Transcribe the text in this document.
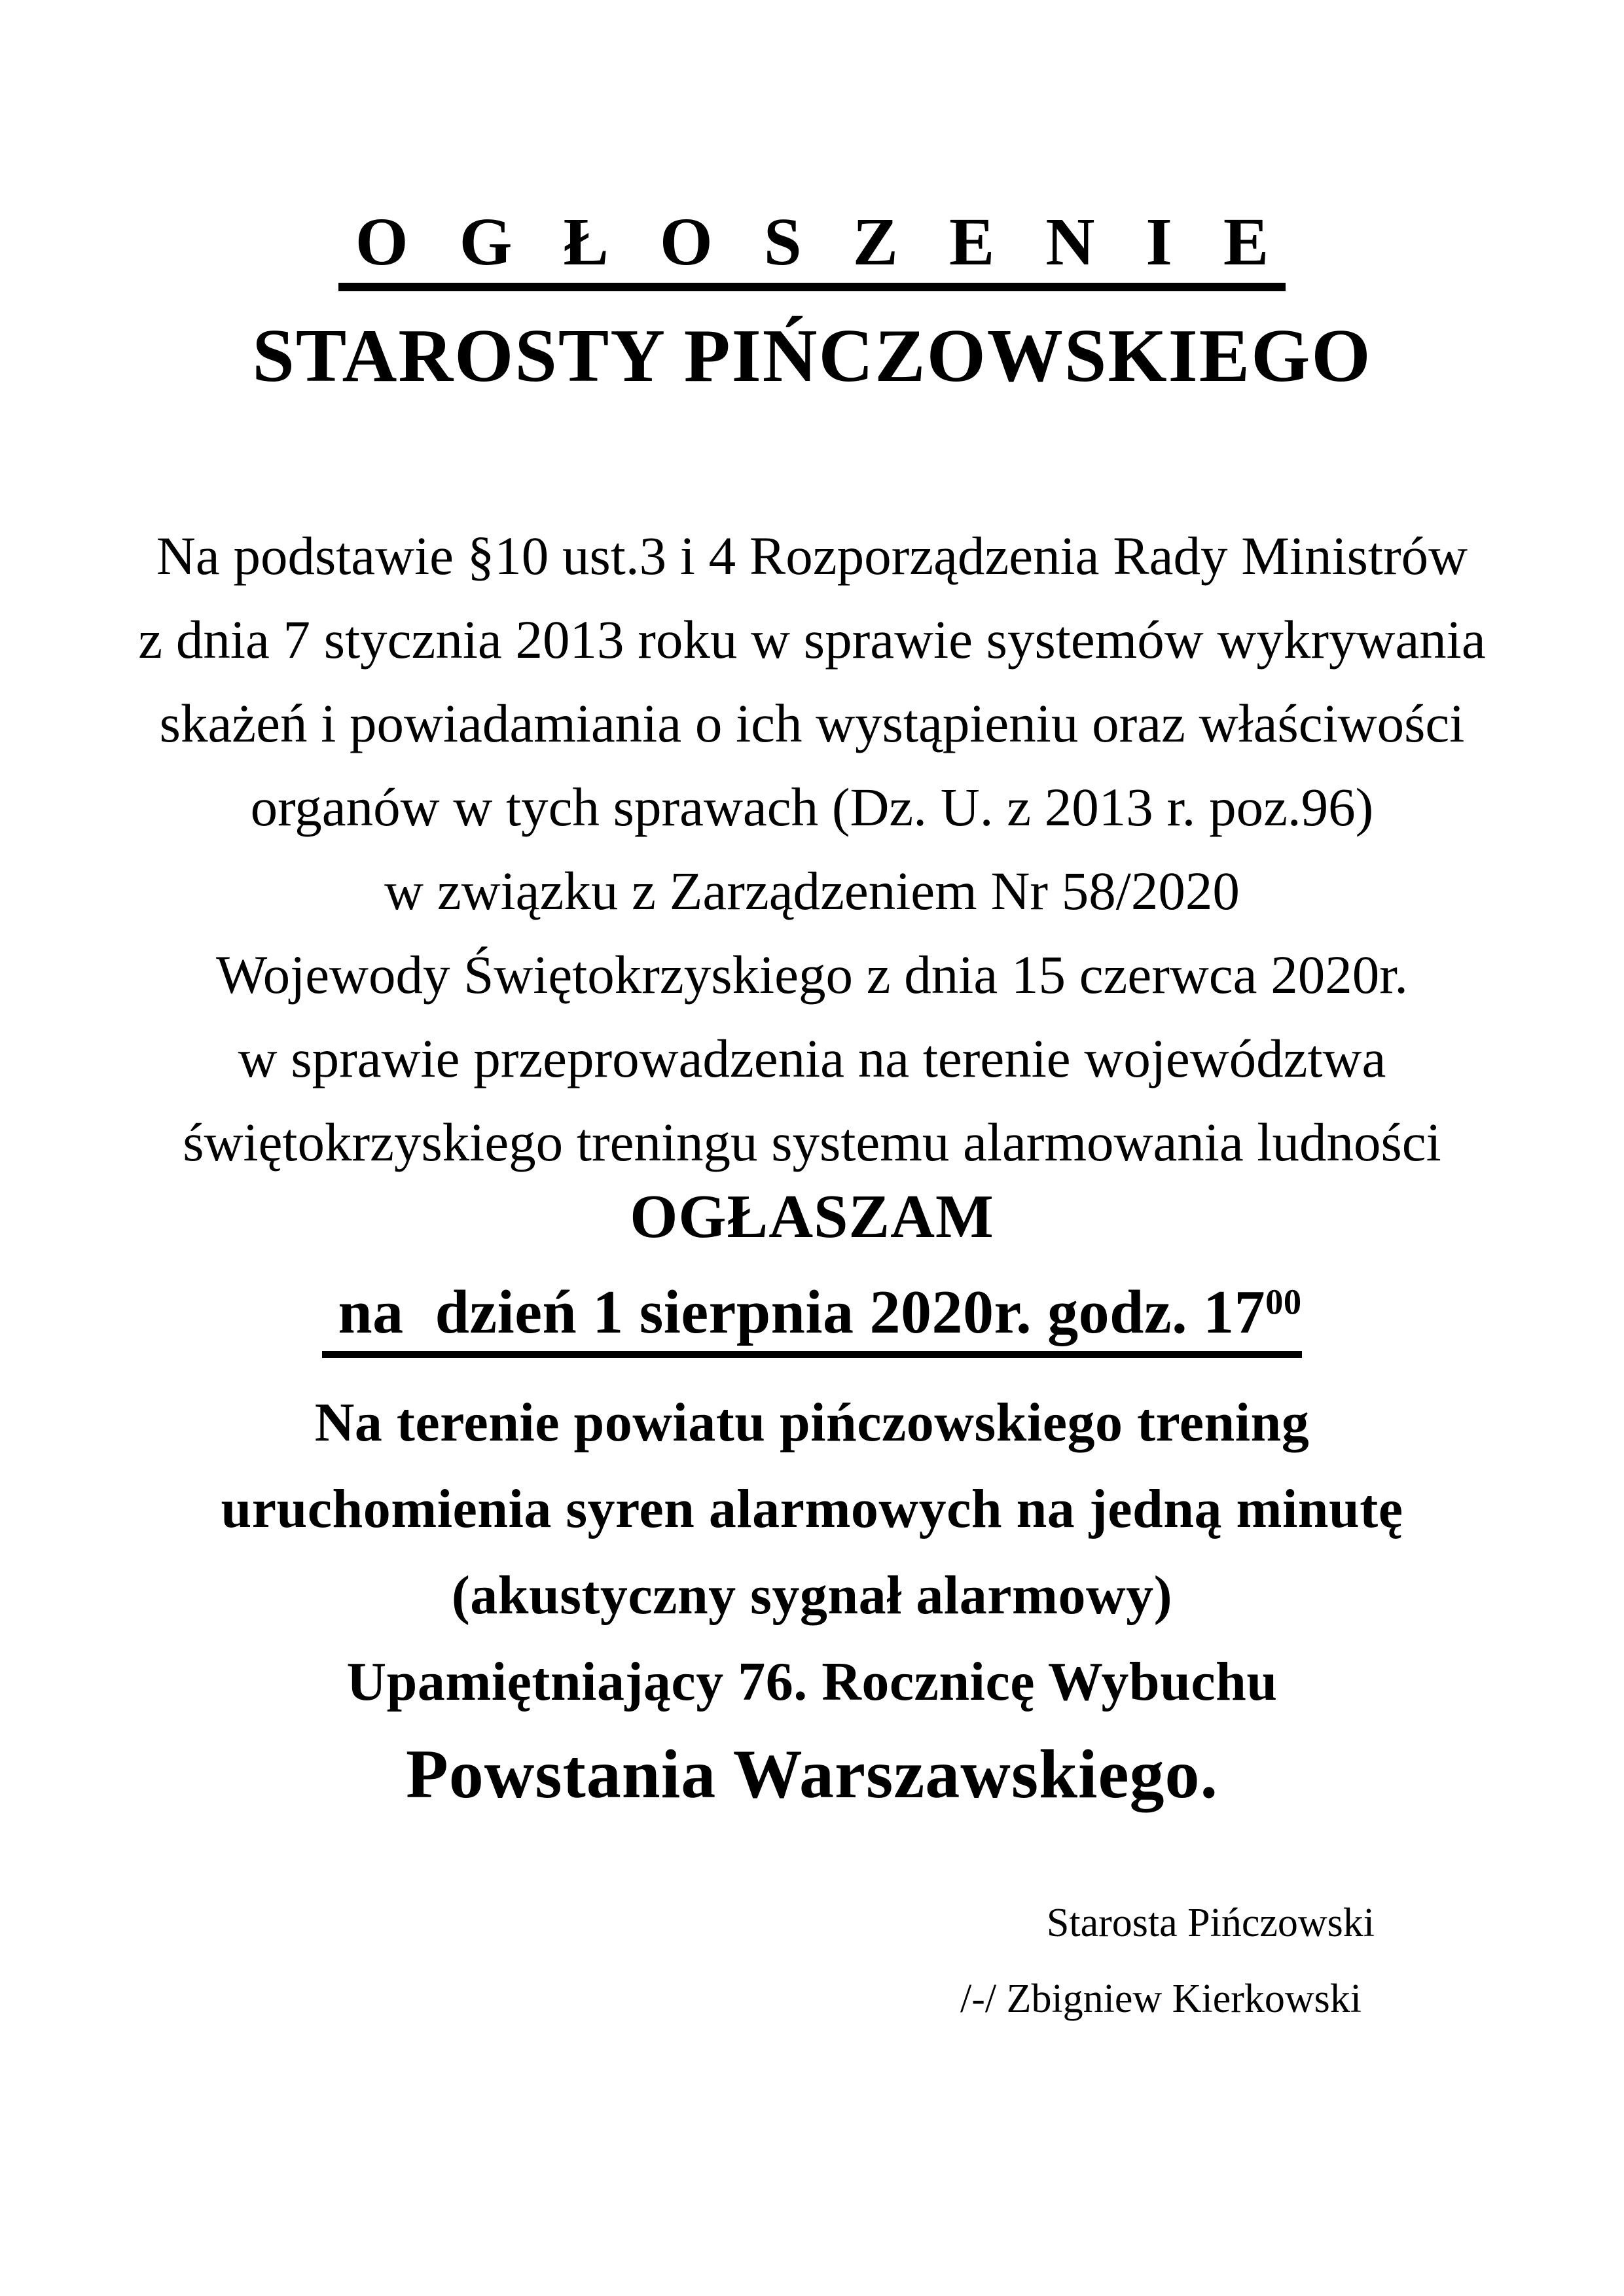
O G Ł O S Z E N I E
STAROSTY PIŃCZOWSKIEGO
Na podstawie §10 ust.3 i 4 Rozporządzenia Rady Ministrów
z dnia 7 stycznia 2013 roku w sprawie systemów wykrywania
skażeń i powiadamiania o ich wystąpieniu oraz właściwości
organów w tych sprawach (Dz. U. z 2013 r. poz.96)
w związku z Zarządzeniem Nr 58/2020
Wojewody Świętokrzyskiego z dnia 15 czerwca 2020r.
w sprawie przeprowadzenia na terenie województwa
świętokrzyskiego treningu systemu alarmowania ludności
OGŁASZAM
na  dzień 1 sierpnia 2020r. godz. $17^{00}$
Na terenie powiatu pińczowskiego trening
uruchomienia syren alarmowych na jedną minutę
(akustyczny sygnał alarmowy)
Upamiętniający 76. Rocznicę Wybuchu
Powstania Warszawskiego.
Starosta Pińczowski
/-/ Zbigniew Kierkowski
